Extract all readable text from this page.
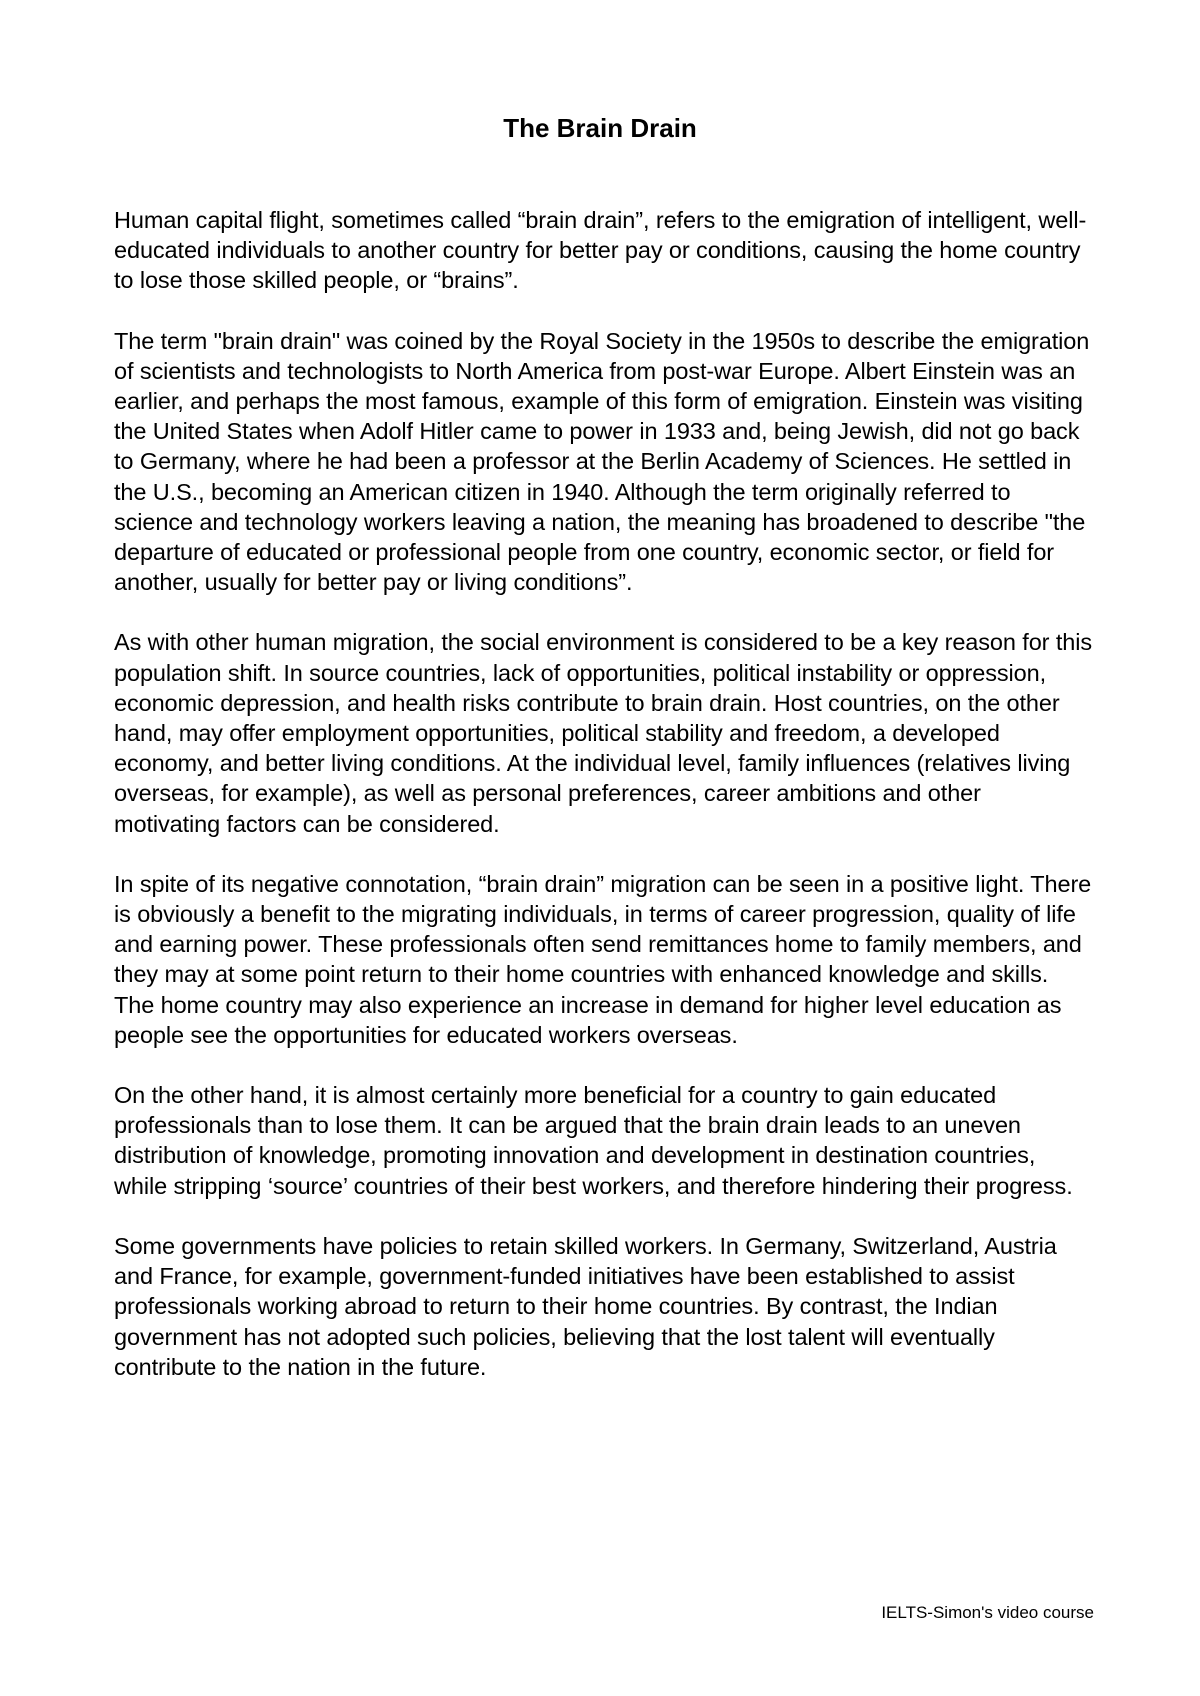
The Brain Drain

Human capital flight, sometimes called “brain drain”, refers to the emigration of intelligent, well-educated individuals to another country for better pay or conditions, causing the home country to lose those skilled people, or “brains”.

The term "brain drain" was coined by the Royal Society in the 1950s to describe the emigration of scientists and technologists to North America from post-war Europe. Albert Einstein was an earlier, and perhaps the most famous, example of this form of emigration. Einstein was visiting the United States when Adolf Hitler came to power in 1933 and, being Jewish, did not go back to Germany, where he had been a professor at the Berlin Academy of Sciences. He settled in the U.S., becoming an American citizen in 1940. Although the term originally referred to science and technology workers leaving a nation, the meaning has broadened to describe "the departure of educated or professional people from one country, economic sector, or field for another, usually for better pay or living conditions”.

As with other human migration, the social environment is considered to be a key reason for this population shift. In source countries, lack of opportunities, political instability or oppression, economic depression, and health risks contribute to brain drain. Host countries, on the other hand, may offer employment opportunities, political stability and freedom, a developed economy, and better living conditions. At the individual level, family influences (relatives living overseas, for example), as well as personal preferences, career ambitions and other motivating factors can be considered.

In spite of its negative connotation, “brain drain” migration can be seen in a positive light. There is obviously a benefit to the migrating individuals, in terms of career progression, quality of life and earning power. These professionals often send remittances home to family members, and they may at some point return to their home countries with enhanced knowledge and skills. The home country may also experience an increase in demand for higher level education as people see the opportunities for educated workers overseas.

On the other hand, it is almost certainly more beneficial for a country to gain educated professionals than to lose them. It can be argued that the brain drain leads to an uneven distribution of knowledge, promoting innovation and development in destination countries, while stripping ‘source’ countries of their best workers, and therefore hindering their progress.

Some governments have policies to retain skilled workers. In Germany, Switzerland, Austria and France, for example, government-funded initiatives have been established to assist professionals working abroad to return to their home countries. By contrast, the Indian government has not adopted such policies, believing that the lost talent will eventually contribute to the nation in the future.

IELTS-Simon's video course
